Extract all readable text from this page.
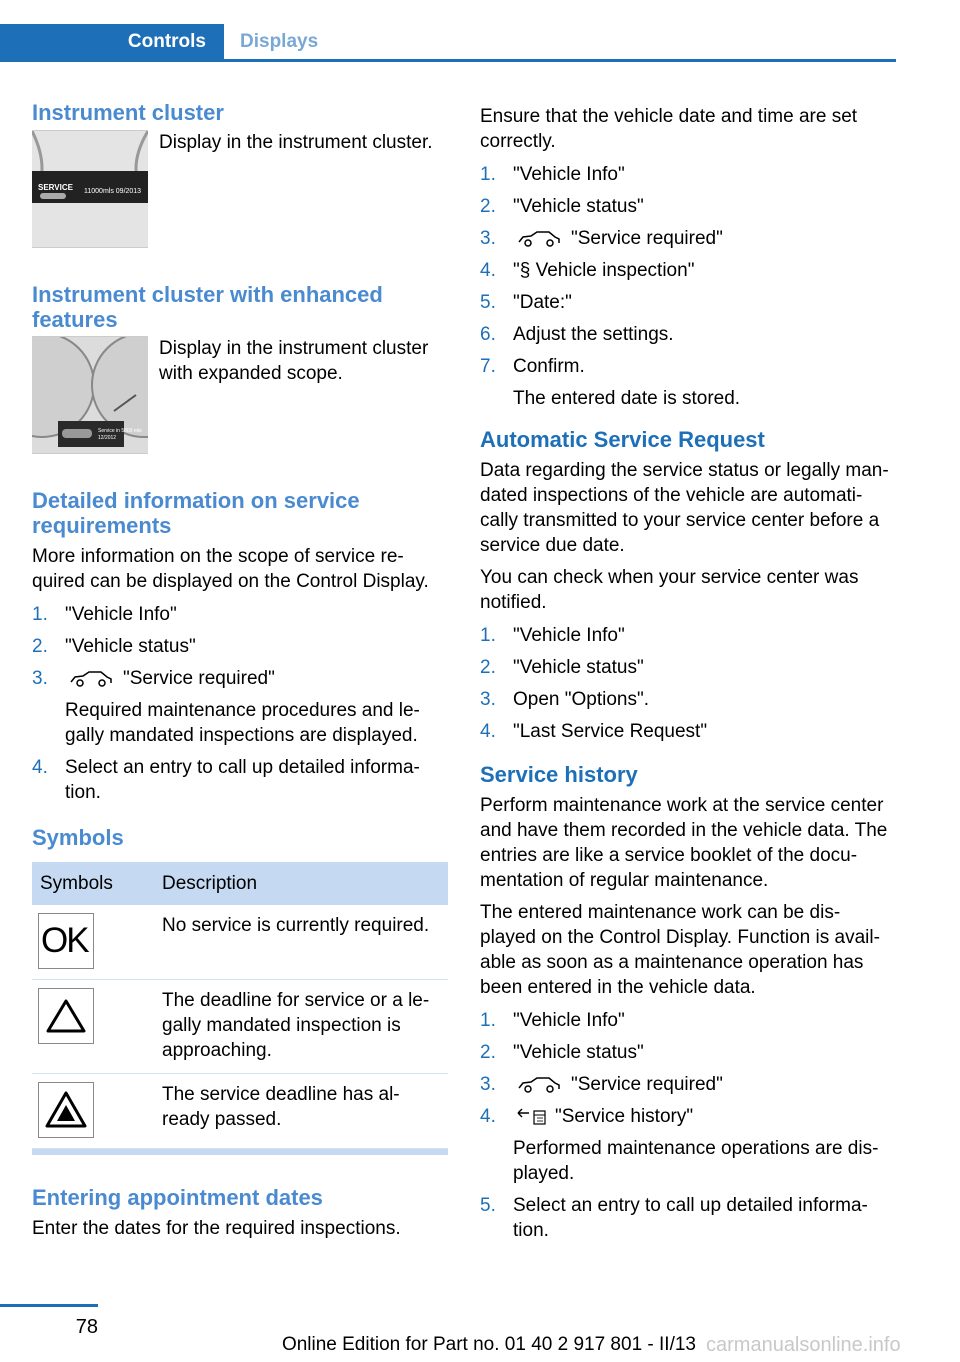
Controls	Displays
Instrument cluster
SERVICE 11000mls 09/2013
Display in the instrument cluster.
Instrument cluster with enhanced features
Service in 5800 mls
12/2012
Display in the instrument cluster with expanded scope.
Detailed information on service requirements

More information on the scope of service re-quired can be displayed on the Control Display.

1. "Vehicle Info"
2. "Vehicle status"
3.	"Service required"
Required maintenance procedures and le-gally mandated inspections are displayed.
4. Select an entry to call up detailed informa-tion.
Symbols
Symbols	Description

OK	No service is currently required.

	The deadline for service or a le-gally mandated inspection is approaching.

	The service deadline has al-ready passed.
Entering appointment dates

Enter the dates for the required inspections.

Ensure that the vehicle date and time are set correctly.

1. "Vehicle Info"
2. "Vehicle status"
3.	"Service required"
4. "§ Vehicle inspection"
5. "Date:"
6. Adjust the settings.
7. Confirm.
The entered date is stored.
Automatic Service Request

Data regarding the service status or legally man-dated inspections of the vehicle are automati-cally transmitted to your service center before a service due date.

You can check when your service center was notified.

1. "Vehicle Info"
2. "Vehicle status"
3. Open "Options".
4. "Last Service Request"
Service history

Perform maintenance work at the service center and have them recorded in the vehicle data. The entries are like a service booklet of the docu-mentation of regular maintenance.

The entered maintenance work can be dis-played on the Control Display. Function is avail-able as soon as a maintenance operation has been entered in the vehicle data.

1. "Vehicle Info"
2. "Vehicle status"
3.	"Service required"
4.	"Service history"
Performed maintenance operations are dis-played.
5. Select an entry to call up detailed informa-tion.
78
Online Edition for Part no. 01 40 2 917 801 - II/13 carmanualsonline.info
